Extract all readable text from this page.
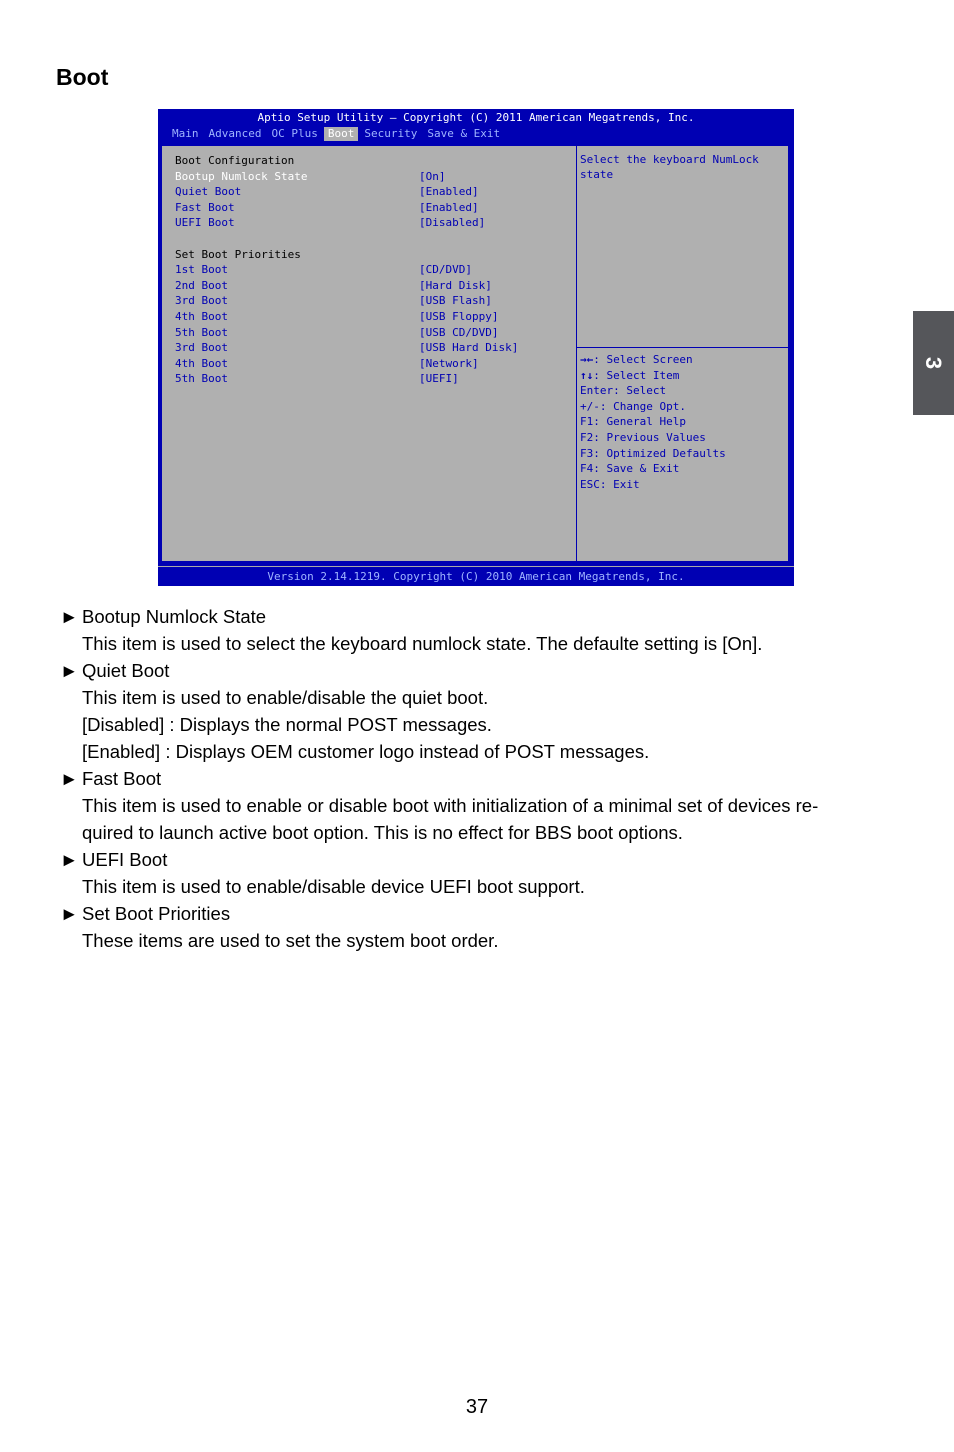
Boot
3
Aptio Setup Utility – Copyright (C) 2011 American Megatrends, Inc.
Main Advanced OC Plus Boot Security Save & Exit
Boot Configuration
Bootup Numlock State	[On]
Quiet Boot	[Enabled]
Fast Boot	[Enabled]
UEFI Boot	[Disabled]
Set Boot Priorities
1st Boot	[CD/DVD]
2nd Boot	[Hard Disk]
3rd Boot	[USB Flash]
4th Boot	[USB Floppy]
5th Boot	[USB CD/DVD]
3rd Boot	[USB Hard Disk]
4th Boot	[Network]
5th Boot	[UEFI]
Select the keyboard NumLock
state
→←: Select Screen
↑↓: Select Item
Enter: Select
+/-: Change Opt.
F1: General Help
F2: Previous Values
F3: Optimized Defaults
F4: Save & Exit
ESC: Exit
Version 2.14.1219. Copyright (C) 2010 American Megatrends, Inc.
► Bootup Numlock State
This item is used to select the keyboard numlock state. The defaulte setting is [On].
► Quiet Boot
This item is used to enable/disable the quiet boot.
[Disabled] : Displays the normal POST messages.
[Enabled] : Displays OEM customer logo instead of POST messages.
► Fast Boot
This item is used to enable or disable boot with initialization of a minimal set of devices re-
quired to launch active boot option. This is no effect for BBS boot options.
► UEFI Boot
This item is used to enable/disable device UEFI boot support.
► Set Boot Priorities
These items are used to set the system boot order.
37
